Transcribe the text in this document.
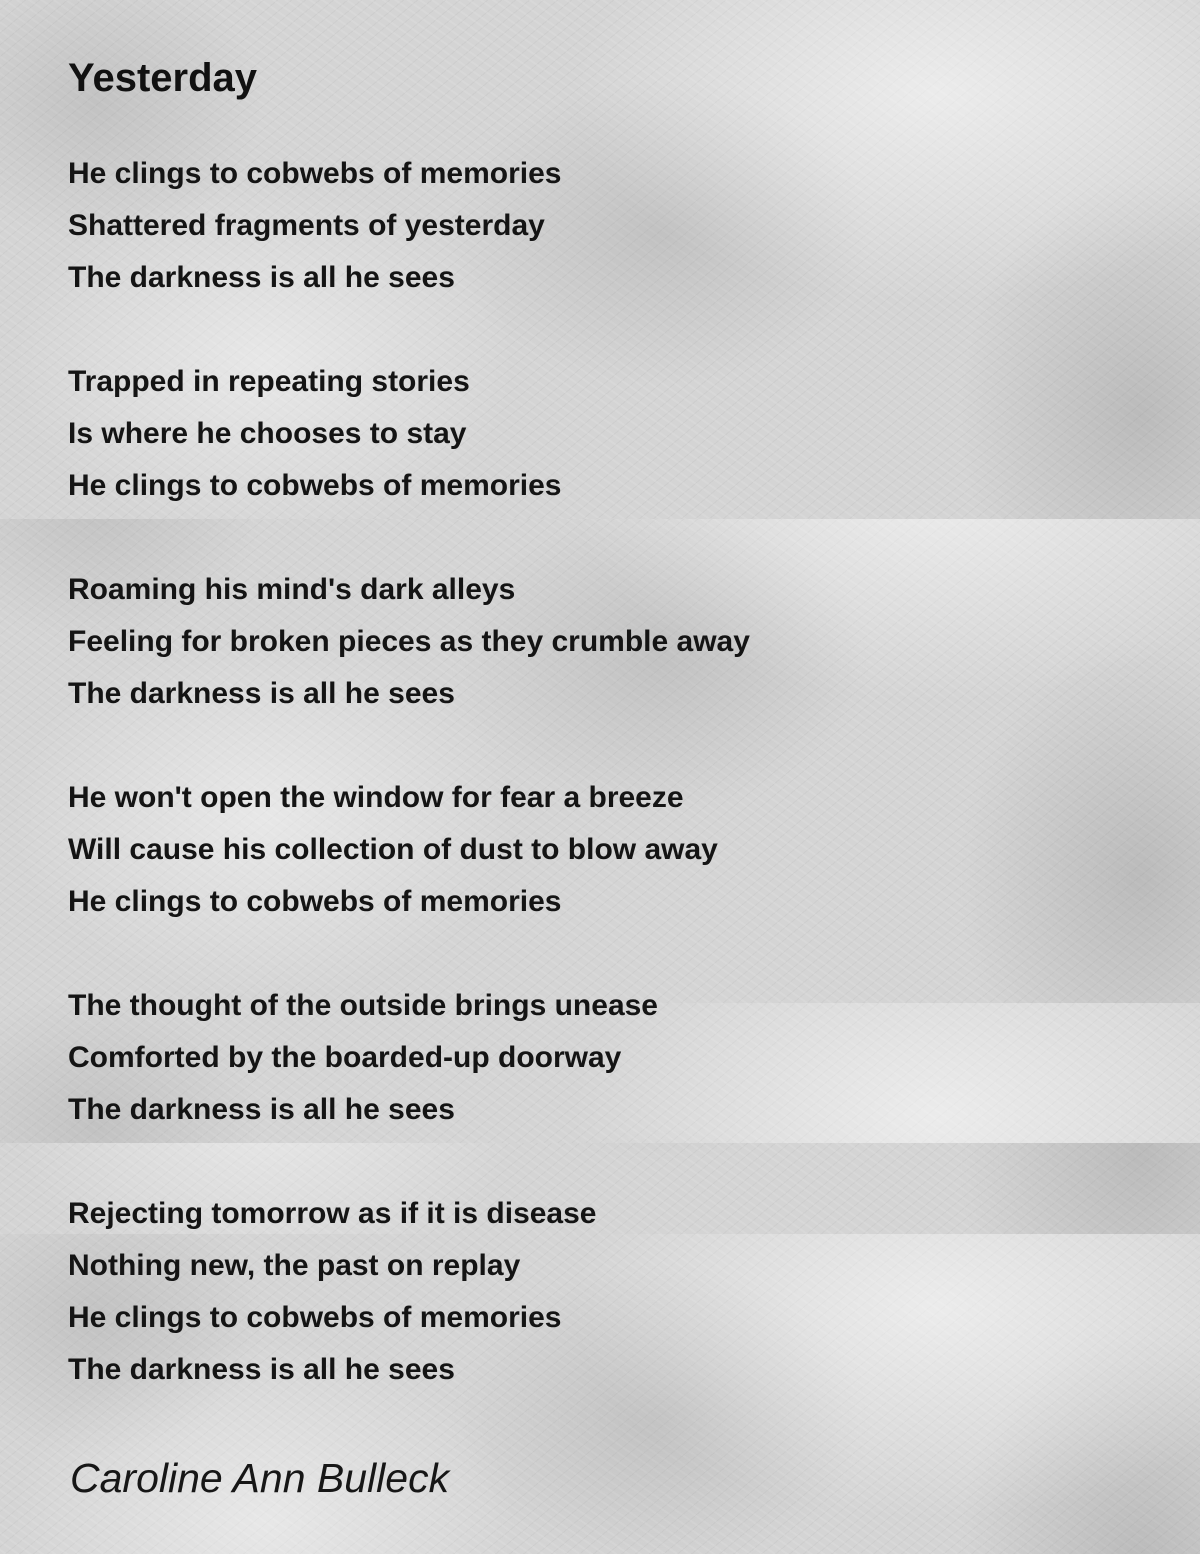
Yesterday
He clings to cobwebs of memories
Shattered fragments of yesterday
The darkness is all he sees
Trapped in repeating stories
Is where he chooses to stay
He clings to cobwebs of memories
Roaming his mind's dark alleys
Feeling for broken pieces as they crumble away
The darkness is all he sees
He won't open the window for fear a breeze
Will cause his collection of dust to blow away
He clings to cobwebs of memories
The thought of the outside brings unease
Comforted by the boarded-up doorway
The darkness is all he sees
Rejecting tomorrow as if it is disease
Nothing new, the past on replay
He clings to cobwebs of memories
The darkness is all he sees
Caroline Ann Bulleck
